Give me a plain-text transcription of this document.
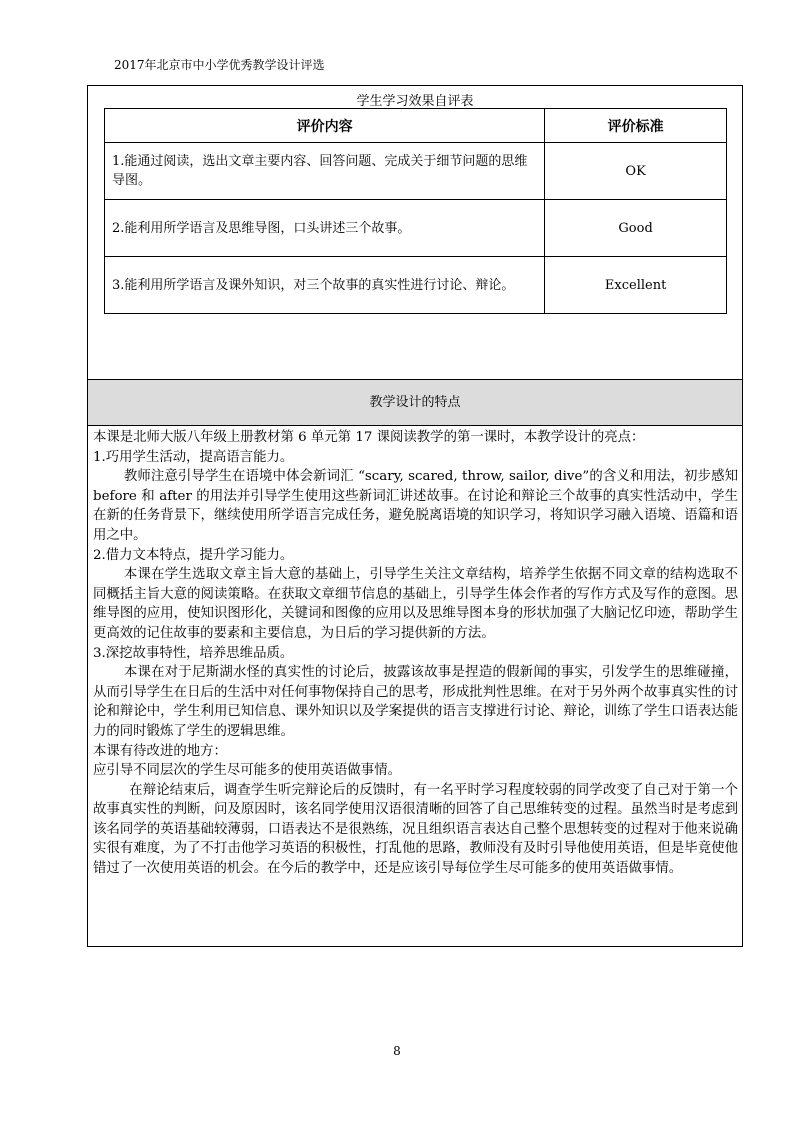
2017年北京市中小学优秀教学设计评选
学生学习效果自评表
评价内容	评价标准
1.能通过阅读，选出文章主要内容、回答问题、完成关于细节问题的思维导图。	OK
2.能利用所学语言及思维导图，口头讲述三个故事。	Good
3.能利用所学语言及课外知识，对三个故事的真实性进行讨论、辩论。	Excellent
教学设计的特点

本课是北师大版八年级上册教材第 6 单元第 17 课阅读教学的第一课时，本教学设计的亮点：

1.巧用学生活动，提高语言能力。

教师注意引导学生在语境中体会新词汇 “scary, scared, throw, sailor, dive”的含义和用法，初步感知 before 和 after 的用法并引导学生使用这些新词汇讲述故事。在讨论和辩论三个故事的真实性活动中，学生在新的任务背景下，继续使用所学语言完成任务，避免脱离语境的知识学习，将知识学习融入语境、语篇和语用之中。

2.借力文本特点，提升学习能力。

本课在学生选取文章主旨大意的基础上，引导学生关注文章结构，培养学生依据不同文章的结构选取不同概括主旨大意的阅读策略。在获取文章细节信息的基础上，引导学生体会作者的写作方式及写作的意图。思维导图的应用，使知识图形化，关键词和图像的应用以及思维导图本身的形状加强了大脑记忆印迹，帮助学生更高效的记住故事的要素和主要信息，为日后的学习提供新的方法。

3.深挖故事特性，培养思维品质。

本课在对于尼斯湖水怪的真实性的讨论后，披露该故事是捏造的假新闻的事实，引发学生的思维碰撞，从而引导学生在日后的生活中对任何事物保持自己的思考，形成批判性思维。在对于另外两个故事真实性的讨论和辩论中，学生利用已知信息、课外知识以及学案提供的语言支撑进行讨论、辩论，训练了学生口语表达能力的同时锻炼了学生的逻辑思维。

本课有待改进的地方：

应引导不同层次的学生尽可能多的使用英语做事情。

在辩论结束后，调查学生听完辩论后的反馈时，有一名平时学习程度较弱的同学改变了自己对于第一个故事真实性的判断，问及原因时，该名同学使用汉语很清晰的回答了自己思维转变的过程。虽然当时是考虑到该名同学的英语基础较薄弱，口语表达不是很熟练，况且组织语言表达自己整个思想转变的过程对于他来说确实很有难度，为了不打击他学习英语的积极性，打乱他的思路，教师没有及时引导他使用英语，但是毕竟使他错过了一次使用英语的机会。在今后的教学中，还是应该引导每位学生尽可能多的使用英语做事情。

8
